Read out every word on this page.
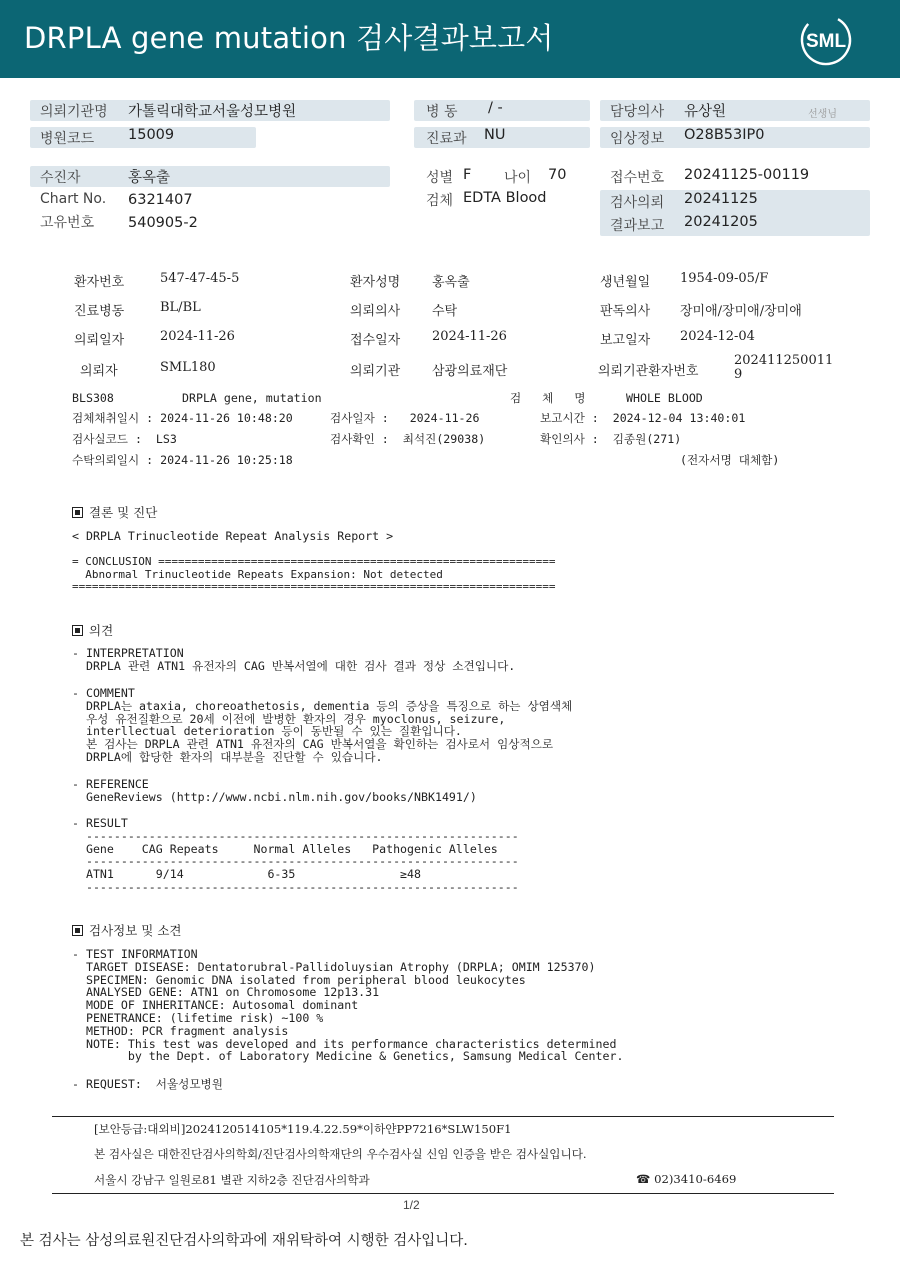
DRPLA gene mutation 검사결과보고서	SML
의뢰기관명 가톨릭대학교서울성모병원
병원코드 15009
수진자	홍옥출
Chart No. 6321407
고유번호 540905-2
병 동 / -
진료과 NU
성별 F 나이 70
검체 EDTA Blood
담당의사 유상원	선생님
임상정보 O28B53IP0
접수번호 20241125-00119
검사의뢰 20241125
결과보고 20241205
환자번호	547-47-45-5	환자성명 홍옥출	생년월일 1954-09-05/F
진료병동	BL/BL	의뢰의사 수탁	판독의사 장미애/장미애/장미애
의뢰일자	2024-11-26	접수일자 2024-11-26	보고일자 2024-12-04
의뢰자	SML180	의뢰기관 삼광의료재단	의뢰기관환자번호
202411250011
9
BLS308	DRPLA gene, mutation	검   체   명	WHOLE BLOOD
검체채취일시 : 2024-11-26 10:48:20	검사일자 :   2024-11-26	보고시간 :  2024-12-04 13:40:01
검사실코드 :  LS3	검사확인 :  최석진(29038)	확인의사 :  김종원(271)
수탁의뢰일시 : 2024-11-26 10:25:18	(전자서명 대체함)
결론 및 진단
< DRPLA Trinucleotide Repeat Analysis Report >
= CONCLUSION ============================================================
Abnormal Trinucleotide Repeats Expansion: Not detected
=========================================================================
의견
- INTERPRETATION
DRPLA 관련 ATN1 유전자의 CAG 반복서열에 대한 검사 결과 정상 소견입니다.
- COMMENT
DRPLA는 ataxia, choreoathetosis, dementia 등의 증상을 특징으로 하는 상염색체
우성 유전질환으로 20세 이전에 발병한 환자의 경우 myoclonus, seizure,
interllectual deterioration 등이 동반될 수 있는 질환입니다.
본 검사는 DRPLA 관련 ATN1 유전자의 CAG 반복서열을 확인하는 검사로서 임상적으로
DRPLA에 합당한 환자의 대부분을 진단할 수 있습니다.
- REFERENCE
GeneReviews (http://www.ncbi.nlm.nih.gov/books/NBK1491/)
- RESULT
--------------------------------------------------------------
Gene    CAG Repeats     Normal Alleles   Pathogenic Alleles
--------------------------------------------------------------
ATN1      9/14            6-35               ≥48
--------------------------------------------------------------
검사정보 및 소견
- TEST INFORMATION
TARGET DISEASE: Dentatorubral-Pallidoluysian Atrophy (DRPLA; OMIM 125370)
SPECIMEN: Genomic DNA isolated from peripheral blood leukocytes
ANALYSED GENE: ATN1 on Chromosome 12p13.31
MODE OF INHERITANCE: Autosomal dominant
PENETRANCE: (lifetime risk) ~100 %
METHOD: PCR fragment analysis
NOTE: This test was developed and its performance characteristics determined
by the Dept. of Laboratory Medicine & Genetics, Samsung Medical Center.
- REQUEST:  서울성모병원
[보안등급:대외비]2024120514105*119.4.22.59*이하얀PP7216*SLW150F1
본 검사실은 대한진단검사의학회/진단검사의학재단의 우수검사실 신임 인증을 받은 검사실입니다.
서울시 강남구 일원로81 별관 지하2층 진단검사의학과	☎ 02)3410-6469
1/2
본 검사는 삼성의료원진단검사의학과에 재위탁하여 시행한 검사입니다.
